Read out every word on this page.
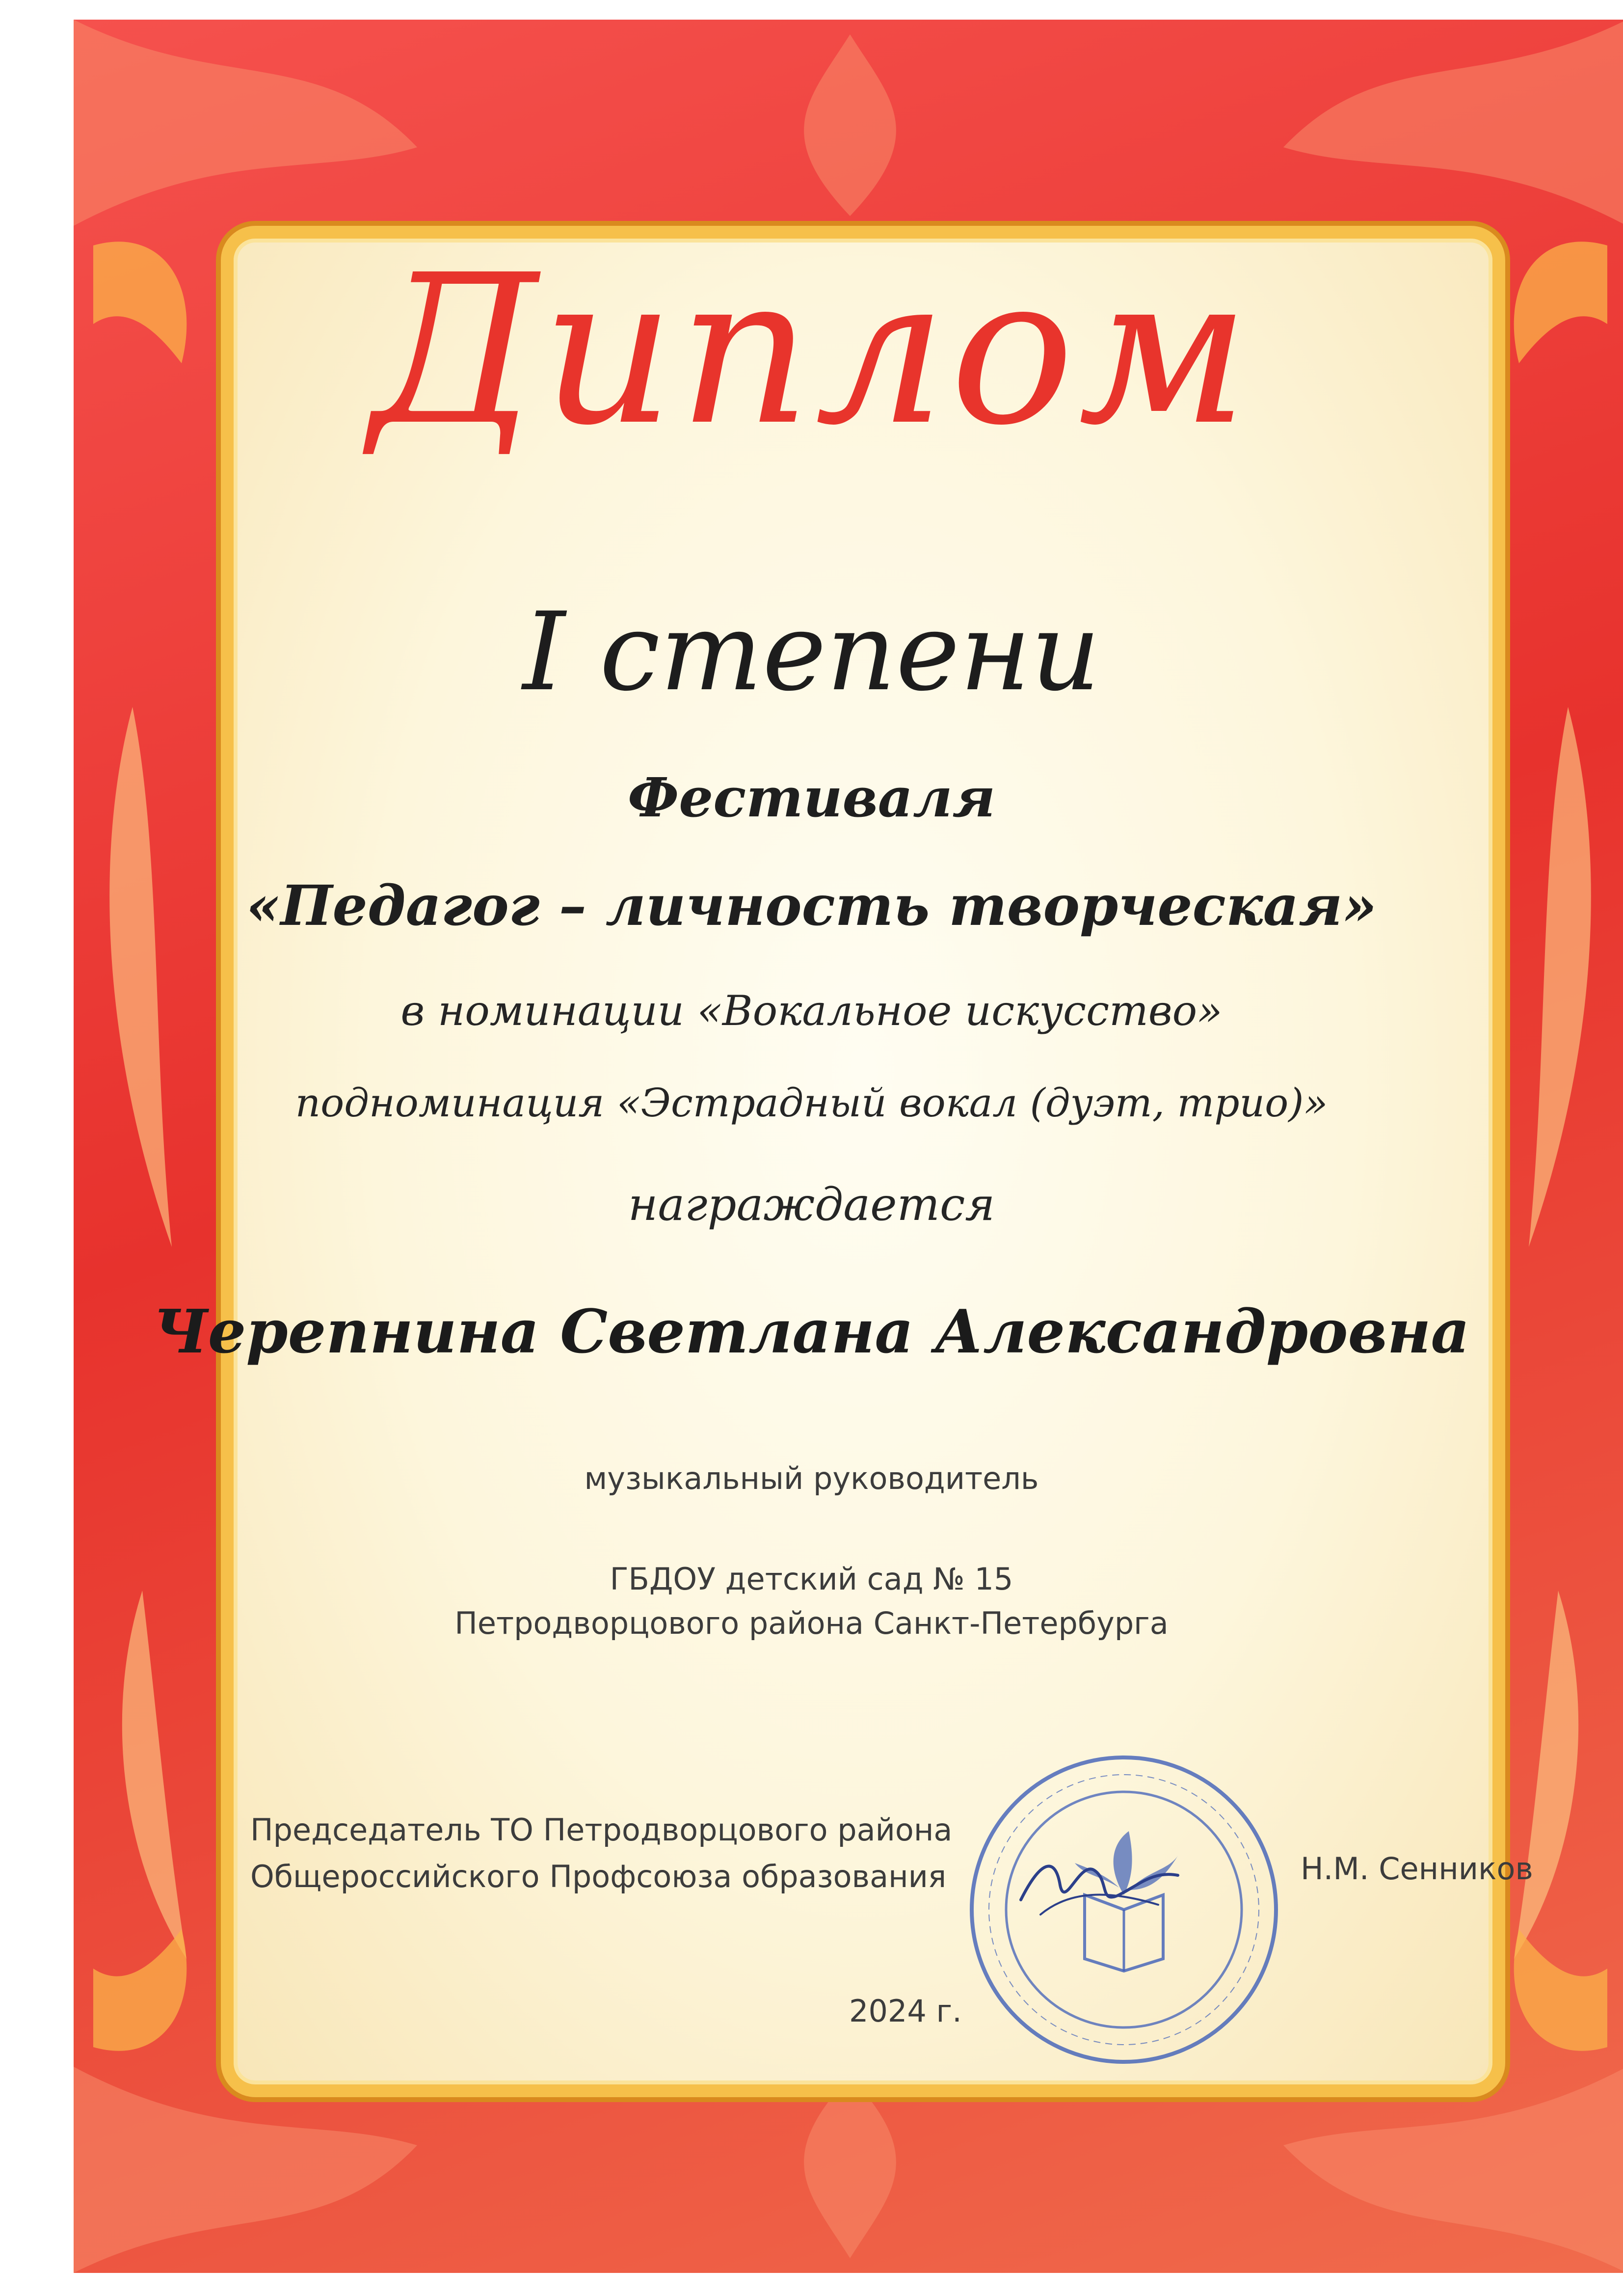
Диплом
I степени
Фестиваля
«Педагог – личность творческая»
в номинации «Вокальное искусство»
подноминация «Эстрадный вокал (дуэт, трио)»
награждается
Черепнина Светлана Александровна
музыкальный руководитель
ГБДОУ детский сад № 15
Петродворцового района Санкт-Петербурга
Председатель ТО Петродворцового района
Общероссийского Профсоюза образования	Н.М. Сенников
2024 г.
